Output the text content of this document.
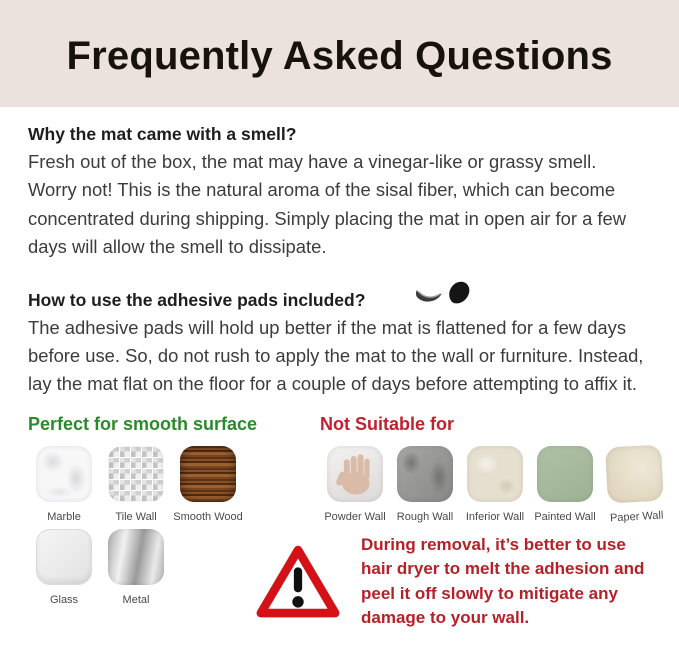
Frequently Asked Questions

Why the mat came with a smell?

Fresh out of the box, the mat may have a vinegar-like or grassy smell. Worry not! This is the natural aroma of the sisal fiber, which can become concentrated during shipping. Simply placing the mat in open air for a few days will allow the smell to dissipate.

How to use the adhesive pads included?

The adhesive pads will hold up better if the mat is flattened for a few days before use. So, do not rush to apply the mat to the wall or furniture. Instead, lay the mat flat on the floor for a couple of days before attempting to affix it.

Perfect for smooth surface

Marble	Tile Wall Smooth Wood

Not Suitable for

Powder Wall Rough Wall Inferior Wall Painted Wall Paper Wall
Glass	Metal

During removal, it’s better to use hair dryer to melt the adhesion and peel it off slowly to mitigate any damage to your wall.
